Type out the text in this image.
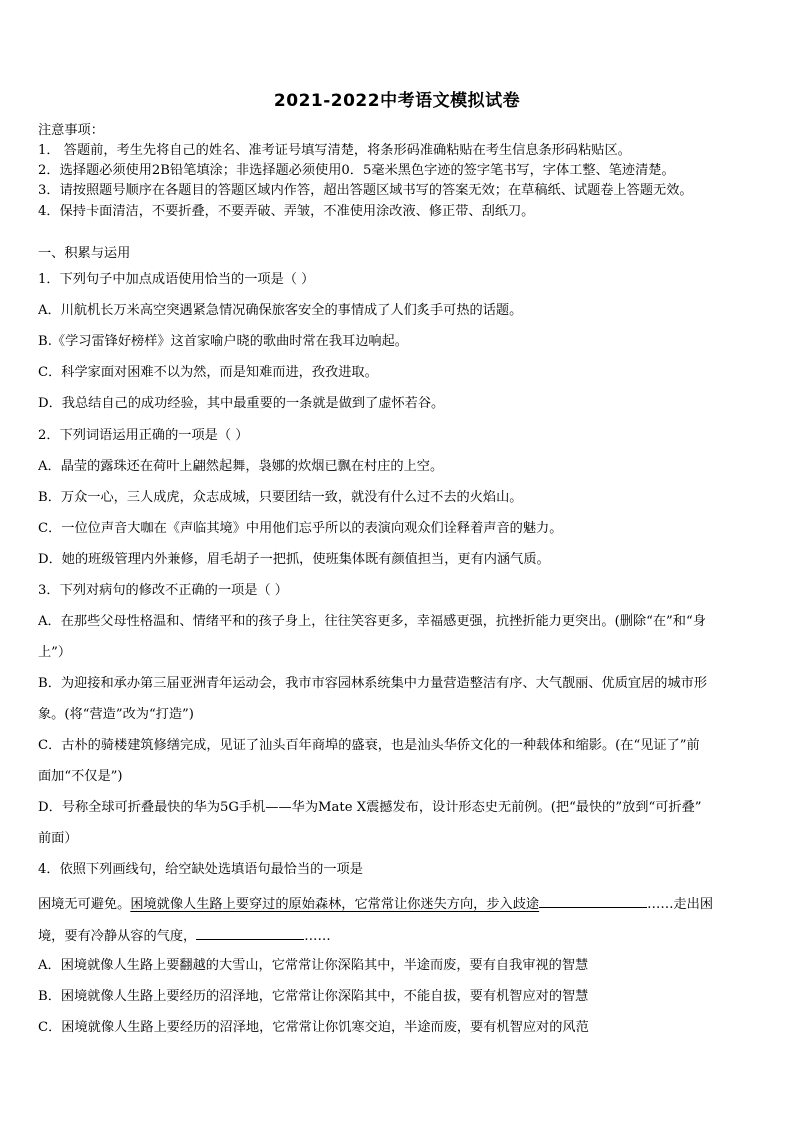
2021-2022中考语文模拟试卷
注意事项：
1． 答题前，考生先将自己的姓名、准考证号填写清楚，将条形码准确粘贴在考生信息条形码粘贴区。
2．选择题必须使用2B铅笔填涂；非选择题必须使用0．5毫米黑色字迹的签字笔书写，字体工整、笔迹清楚。
3．请按照题号顺序在各题目的答题区域内作答，超出答题区域书写的答案无效；在草稿纸、试题卷上答题无效。
4．保持卡面清洁，不要折叠，不要弄破、弄皱，不准使用涂改液、修正带、刮纸刀。
一、积累与运用
1．下列句子中加点成语使用恰当的一项是（ ）
A．川航机长万米高空突遇紧急情况确保旅客安全的事情成了人们炙手可热的话题。
B.《学习雷锋好榜样》这首家喻户晓的歌曲时常在我耳边响起。
C．科学家面对困难不以为然，而是知难而进，孜孜进取。
D．我总结自己的成功经验，其中最重要的一条就是做到了虚怀若谷。
2．下列词语运用正确的一项是（ ）
A．晶莹的露珠还在荷叶上翩然起舞，袅娜的炊烟已飘在村庄的上空。
B．万众一心，三人成虎，众志成城，只要团结一致，就没有什么过不去的火焰山。
C．一位位声音大咖在《声临其境》中用他们忘乎所以的表演向观众们诠释着声音的魅力。
D．她的班级管理内外兼修，眉毛胡子一把抓，使班集体既有颜值担当，更有内涵气质。
3．下列对病句的修改不正确的一项是（ ）
A．在那些父母性格温和、情绪平和的孩子身上，往往笑容更多，幸福感更强，抗挫折能力更突出。(删除“在”和“身
上”）
B．为迎接和承办第三届亚洲青年运动会，我市市容园林系统集中力量营造整洁有序、大气靓丽、优质宜居的城市形
象。(将“营造”改为“打造”)
C．古朴的骑楼建筑修缮完成，见证了汕头百年商埠的盛衰，也是汕头华侨文化的一种载体和缩影。(在“见证了”前
面加“不仅是”)
D．号称全球可折叠最快的华为5G手机——华为Mate X震撼发布，设计形态史无前例。(把“最快的”放到“可折叠”
前面）
4．依照下列画线句，给空缺处选填语句最恰当的一项是
困境无可避免。困境就像人生路上要穿过的原始森林，它常常让你迷失方向，步入歧途	……走出困
境，要有冷静从容的气度，	……
A．困境就像人生路上要翻越的大雪山，它常常让你深陷其中，半途而废，要有自我审视的智慧
B．困境就像人生路上要经历的沼泽地，它常常让你深陷其中，不能自拔，要有机智应对的智慧
C．困境就像人生路上要经历的沼泽地，它常常让你饥寒交迫，半途而废，要有机智应对的风范
